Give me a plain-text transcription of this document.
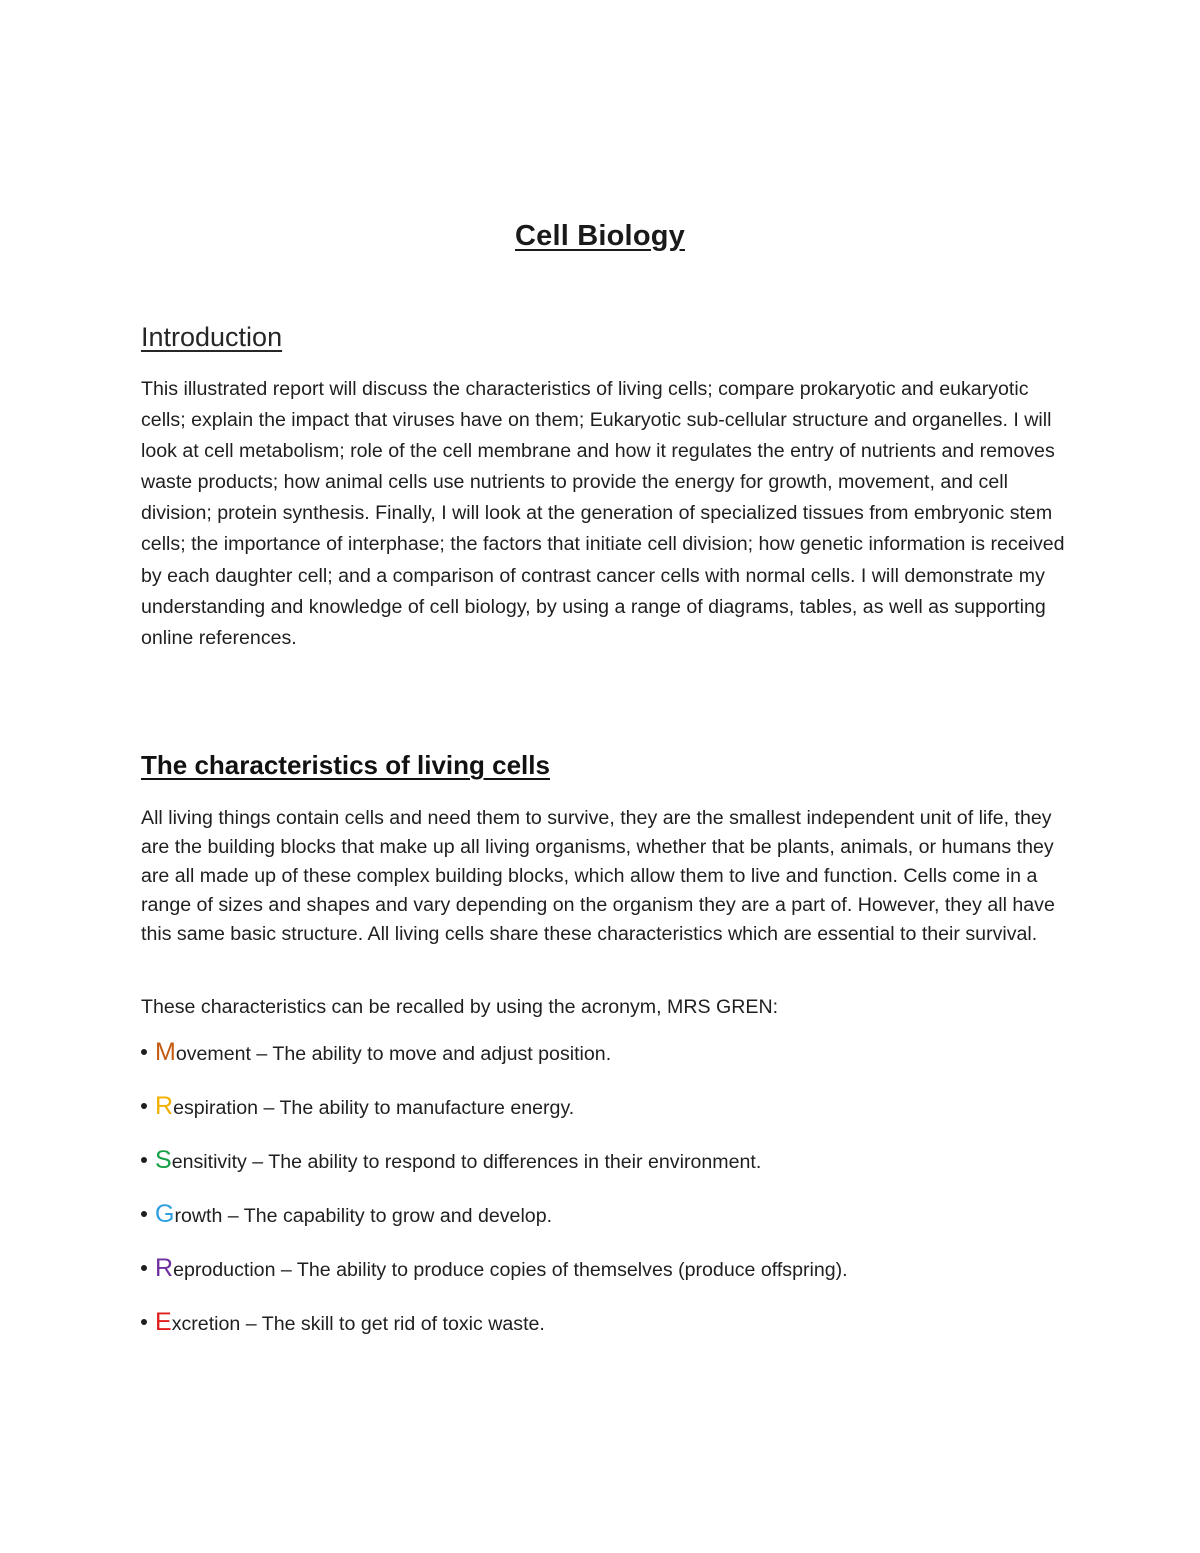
Cell Biology
Introduction

This illustrated report will discuss the characteristics of living cells; compare prokaryotic and eukaryotic cells; explain the impact that viruses have on them; Eukaryotic sub-cellular structure and organelles. I will look at cell metabolism; role of the cell membrane and how it regulates the entry of nutrients and removes waste products; how animal cells use nutrients to provide the energy for growth, movement, and cell division; protein synthesis. Finally, I will look at the generation of specialized tissues from embryonic stem cells; the importance of interphase; the factors that initiate cell division; how genetic information is received by each daughter cell; and a comparison of contrast cancer cells with normal cells. I will demonstrate my understanding and knowledge of cell biology, by using a range of diagrams, tables, as well as supporting online references.

The characteristics of living cells

All living things contain cells and need them to survive, they are the smallest independent unit of life, they are the building blocks that make up all living organisms, whether that be plants, animals, or humans they are all made up of these complex building blocks, which allow them to live and function. Cells come in a range of sizes and shapes and vary depending on the organism they are a part of. However, they all have this same basic structure. All living cells share these characteristics which are essential to their survival.

These characteristics can be recalled by using the acronym, MRS GREN:

M ovement – The ability to move and adjust position.
R espiration – The ability to manufacture energy.
S ensitivity – The ability to respond to differences in their environment.
G rowth – The capability to grow and develop.
R eproduction – The ability to produce copies of themselves (produce offspring).
E xcretion – The skill to get rid of toxic waste.
